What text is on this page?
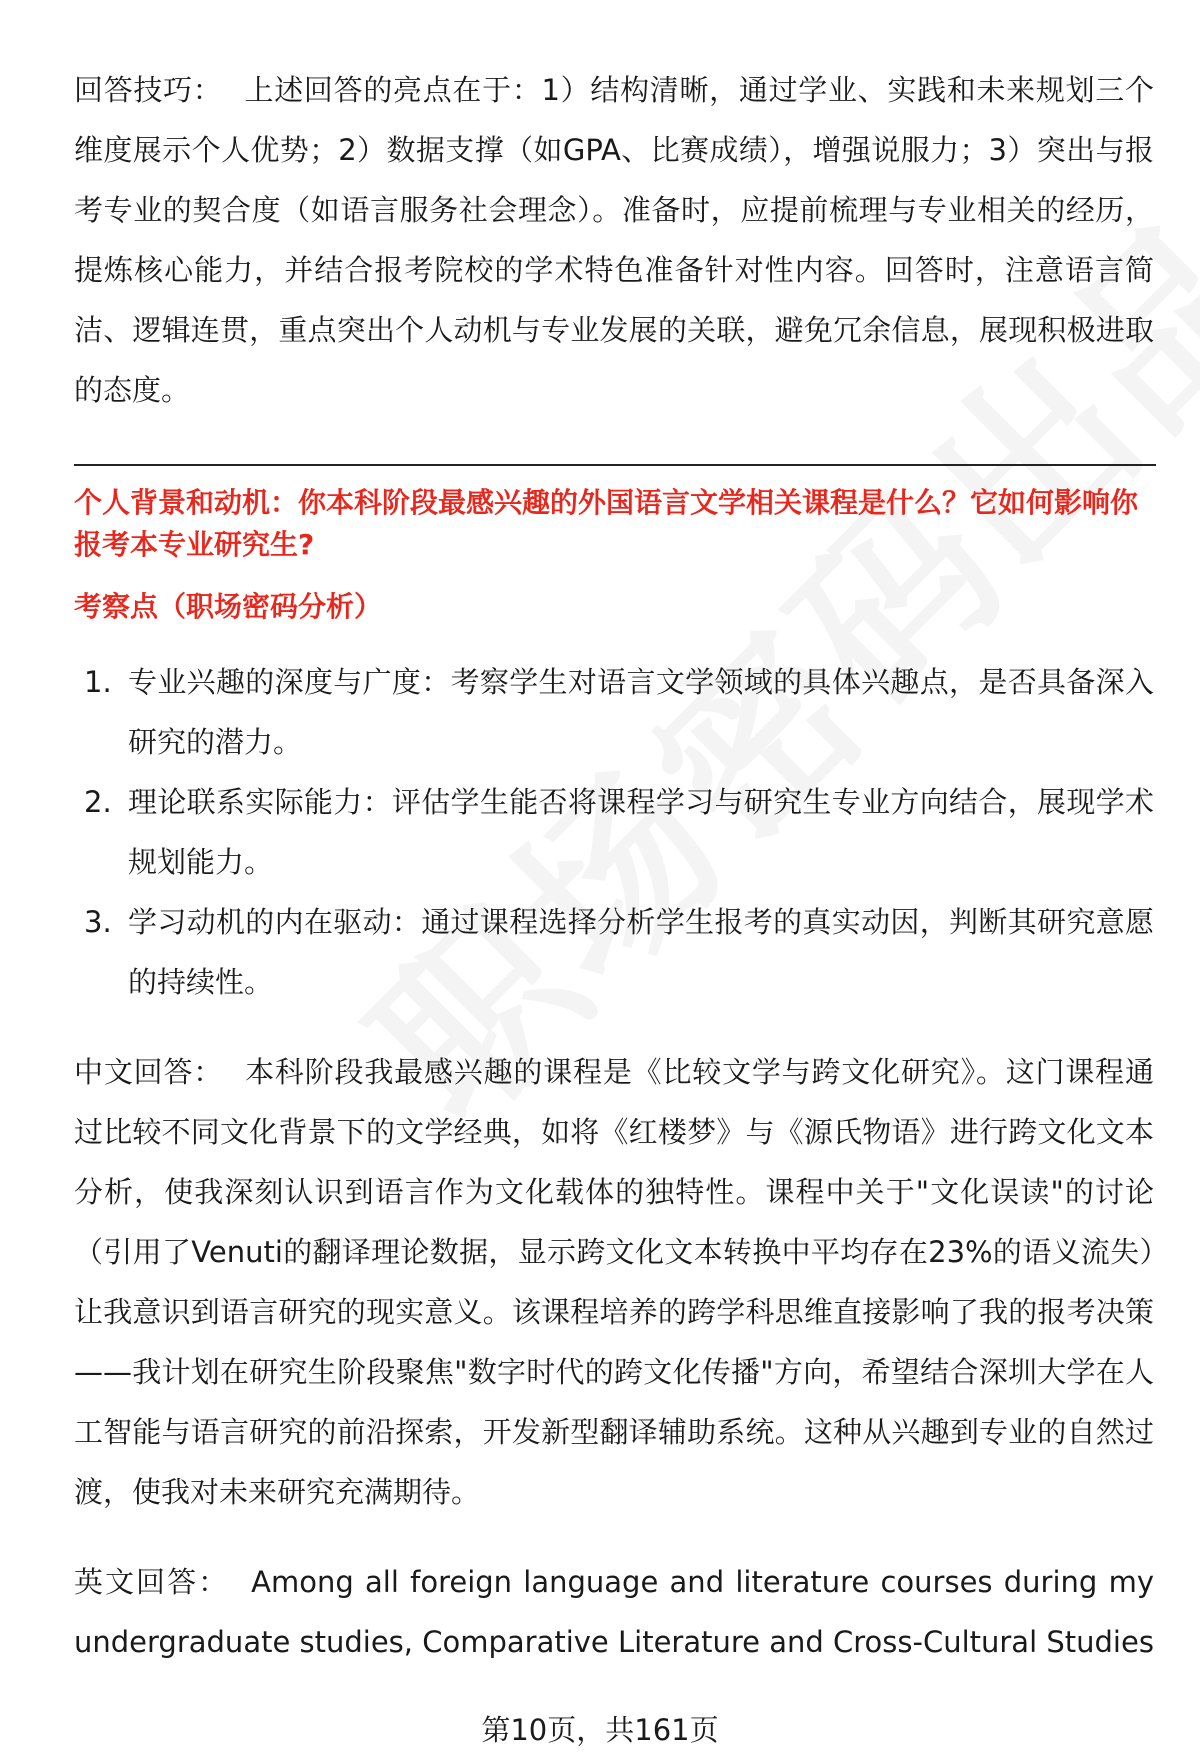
回答技巧： 上述回答的亮点在于：1）结构清晰，通过学业、实践和未来规划三个维度展示个人优势；2）数据支撑（如GPA、比赛成绩），增强说服力；3）突出与报考专业的契合度（如语言服务社会理念）。准备时，应提前梳理与专业相关的经历，提炼核心能力，并结合报考院校的学术特色准备针对性内容。回答时，注意语言简洁、逻辑连贯，重点突出个人动机与专业发展的关联，避免冗余信息，展现积极进取的态度。

个人背景和动机：你本科阶段最感兴趣的外国语言文学相关课程是什么？它如何影响你报考本专业研究生?

考察点（职场密码分析）

1. 专业兴趣的深度与广度：考察学生对语言文学领域的具体兴趣点，是否具备深入研究的潜力。
2. 理论联系实际能力：评估学生能否将课程学习与研究生专业方向结合，展现学术规划能力。
3. 学习动机的内在驱动：通过课程选择分析学生报考的真实动因，判断其研究意愿的持续性。

中文回答： 本科阶段我最感兴趣的课程是《比较文学与跨文化研究》。这门课程通过比较不同文化背景下的文学经典，如将《红楼梦》与《源氏物语》进行跨文化文本分析，使我深刻认识到语言作为文化载体的独特性。课程中关于"文化误读"的讨论（引用了Venuti的翻译理论数据，显示跨文化文本转换中平均存在23%的语义流失）让我意识到语言研究的现实意义。该课程培养的跨学科思维直接影响了我的报考决策——我计划在研究生阶段聚焦"数字时代的跨文化传播"方向，希望结合深圳大学在人工智能与语言研究的前沿探索，开发新型翻译辅助系统。这种从兴趣到专业的自然过渡，使我对未来研究充满期待。

英文回答： Among all foreign language and literature courses during my undergraduate studies, Comparative Literature and Cross-Cultural Studies

第10页，共161页
